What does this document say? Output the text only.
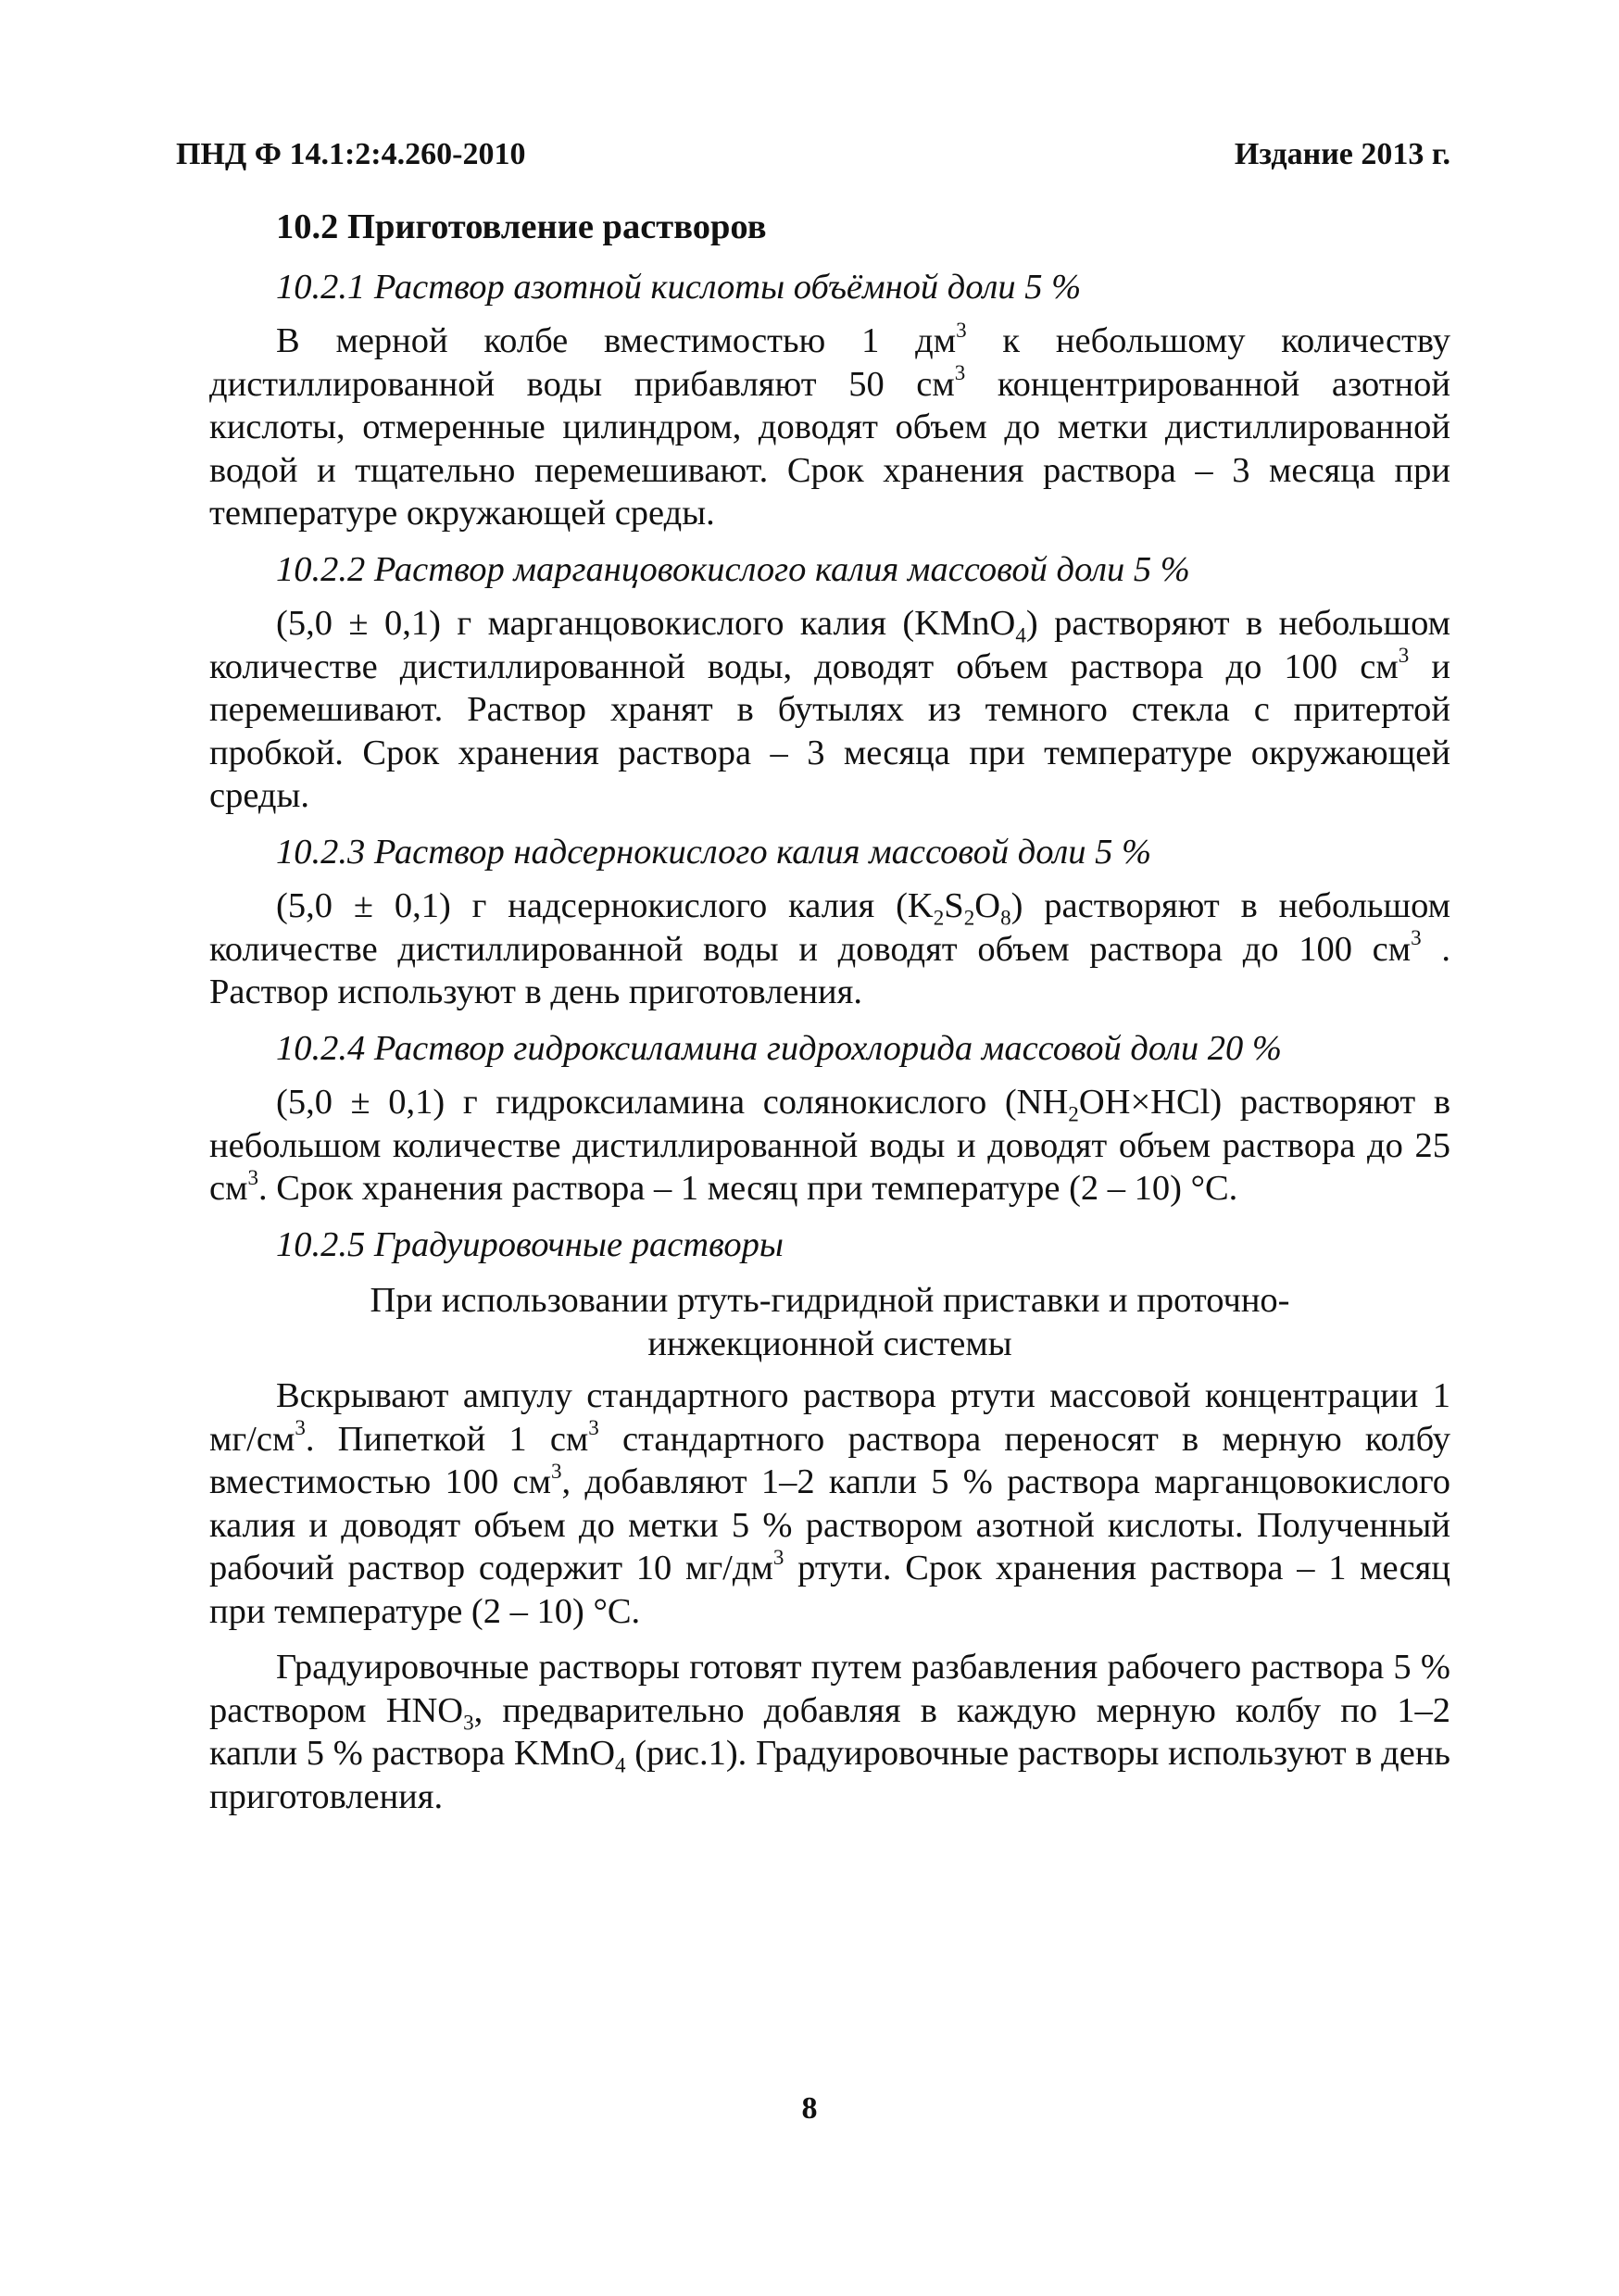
ПНД Ф 14.1:2:4.260-2010	Издание 2013 г.
10.2 Приготовление растворов
10.2.1 Раствор азотной кислоты объёмной доли 5 %

В мерной колбе вместимостью 1 $дм^3$ к небольшому количеству дистиллированной воды прибавляют 50 $см^3$ концентрированной азотной кислоты, отмеренные цилиндром, доводят объем до метки дистиллированной водой и тщательно перемешивают. Срок хранения раствора – 3 месяца при температуре окружающей среды.

10.2.2 Раствор марганцовокислого калия массовой доли 5 %

(5,0 ± 0,1) г марганцовокислого калия (KMnO$_4$) растворяют в небольшом количестве дистиллированной воды, доводят объем раствора до 100 $см^3$ и перемешивают. Раствор хранят в бутылях из темного стекла с притертой пробкой. Срок хранения раствора – 3 месяца при температуре окружающей среды.

10.2.3 Раствор надсернокислого калия массовой доли 5 %

(5,0 ± 0,1) г надсернокислого калия $(K_2S_2O_8)$ растворяют в небольшом количестве дистиллированной воды и доводят объем раствора до 100 $см^3$ . Раствор используют в день приготовления.

10.2.4 Раствор гидроксиламина гидрохлорида массовой доли 20 %

(5,0 ± 0,1) г гидроксиламина солянокислого $(NH_2OH\times HCl)$ растворяют в небольшом количестве дистиллированной воды и доводят объем раствора до 25 $см^3$. Срок хранения раствора – 1 месяц при температуре (2 – 10) °С.

10.2.5 Градуировочные растворы
При использовании ртуть-гидридной приставки и проточно-
инжекционной системы

Вскрывают ампулу стандартного раствора ртути массовой концентрации 1 $мг/см^3$. Пипеткой 1 $см^3$ стандартного раствора переносят в мерную колбу вместимостью 100 $см^3$, добавляют 1–2 капли 5 % раствора марганцовокислого калия и доводят объем до метки 5 % раствором азотной кислоты. Полученный рабочий раствор содержит 10 $мг/дм^3$ ртути. Срок хранения раствора – 1 месяц при температуре (2 – 10) °С.

Градуировочные растворы готовят путем разбавления рабочего раствора 5 % раствором $HNO_3$, предварительно добавляя в каждую мерную колбу по 1–2 капли 5 % раствора KMnO$_4$ (рис.1). Градуировочные растворы используют в день приготовления.

8
